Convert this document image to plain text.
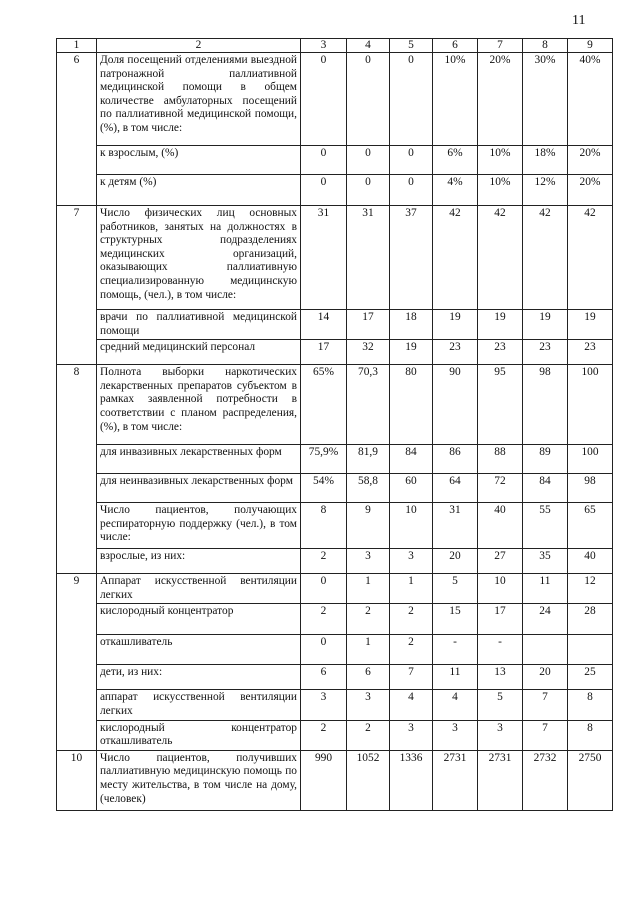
11
1	2	3	4	5	6	7	8	9
6	Доля посещений отделениями выездной патронажной паллиативной медицинской помощи в общем количестве амбулаторных посещений по паллиативной медицинской помощи, (%), в том числе:	0	0	0	10%	20%	30%	40%
	к взрослым, (%)	0	0	0	6%	10%	18%	20%
	к детям (%)	0	0	0	4%	10%	12%	20%
7	Число физических лиц основных работников, занятых на должностях в структурных подразделениях медицинских организаций, оказывающих паллиативную специализированную медицинскую помощь, (чел.), в том числе:	31	31	37	42	42	42	42
	врачи по паллиативной медицинской помощи	14	17	18	19	19	19	19
	средний медицинский персонал	17	32	19	23	23	23	23
8	Полнота выборки наркотических лекарственных препаратов субъектом в рамках заявленной потребности в соответствии с планом распределения, (%), в том числе:	65%	70,3	80	90	95	98	100
	для инвазивных лекарственных форм	75,9%	81,9	84	86	88	89	100
	для неинвазивных лекарственных форм	54%	58,8	60	64	72	84	98
	Число пациентов, получающих респираторную поддержку (чел.), в том числе:	8	9	10	31	40	55	65
	взрослые, из них:	2	3	3	20	27	35	40
9	Аппарат искусственной вентиляции легких	0	1	1	5	10	11	12
	кислородный концентратор	2	2	2	15	17	24	28
	откашливатель	0	1	2	-	-		
	дети, из них:	6	6	7	11	13	20	25
	аппарат искусственной вентиляции легких	3	3	4	4	5	7	8
	кислородный концентратор откашливатель	2	2	3	3	3	7	8
10	Число пациентов, получивших паллиативную медицинскую помощь по месту жительства, в том числе на дому, (человек)	990	1052	1336	2731	2731	2732	2750
